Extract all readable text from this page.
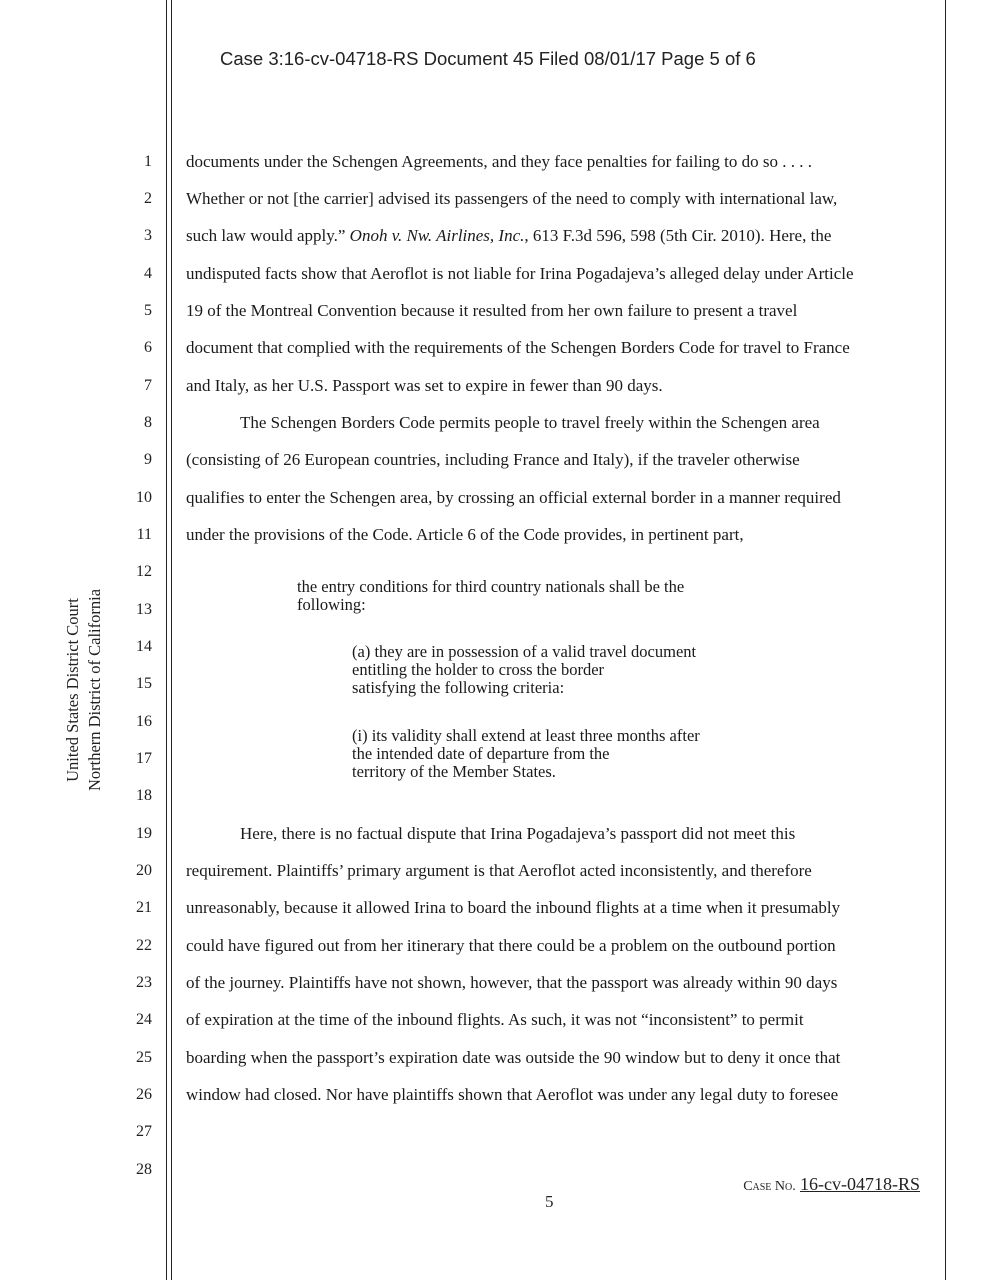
Case 3:16-cv-04718-RS Document 45 Filed 08/01/17 Page 5 of 6
United States District Court Northern District of California
1
2
3
4
5
6
7
8
9
10
11
12
13
14
15
16
17
18
19
20
21
22
23
24
25
26
27
28
documents under the Schengen Agreements, and they face penalties for failing to do so . . . .
Whether or not [the carrier] advised its passengers of the need to comply with international law,
such law would apply.” Onoh v. Nw. Airlines, Inc., 613 F.3d 596, 598 (5th Cir. 2010). Here, the
undisputed facts show that Aeroflot is not liable for Irina Pogadajeva’s alleged delay under Article
19 of the Montreal Convention because it resulted from her own failure to present a travel
document that complied with the requirements of the Schengen Borders Code for travel to France
and Italy, as her U.S. Passport was set to expire in fewer than 90 days.
The Schengen Borders Code permits people to travel freely within the Schengen area
(consisting of 26 European countries, including France and Italy), if the traveler otherwise
qualifies to enter the Schengen area, by crossing an official external border in a manner required
under the provisions of the Code. Article 6 of the Code provides, in pertinent part,
the entry conditions for third country nationals shall be the
following:
(a) they are in possession of a valid travel document
entitling the holder to cross the border
satisfying the following criteria:
(i) its validity shall extend at least three months after
the intended date of departure from the
territory of the Member States.
Here, there is no factual dispute that Irina Pogadajeva’s passport did not meet this
requirement. Plaintiffs’ primary argument is that Aeroflot acted inconsistently, and therefore
unreasonably, because it allowed Irina to board the inbound flights at a time when it presumably
could have figured out from her itinerary that there could be a problem on the outbound portion
of the journey. Plaintiffs have not shown, however, that the passport was already within 90 days
of expiration at the time of the inbound flights. As such, it was not “inconsistent” to permit
boarding when the passport’s expiration date was outside the 90 window but to deny it once that
window had closed. Nor have plaintiffs shown that Aeroflot was under any legal duty to foresee
Case No. 16-cv-04718-RS
5
